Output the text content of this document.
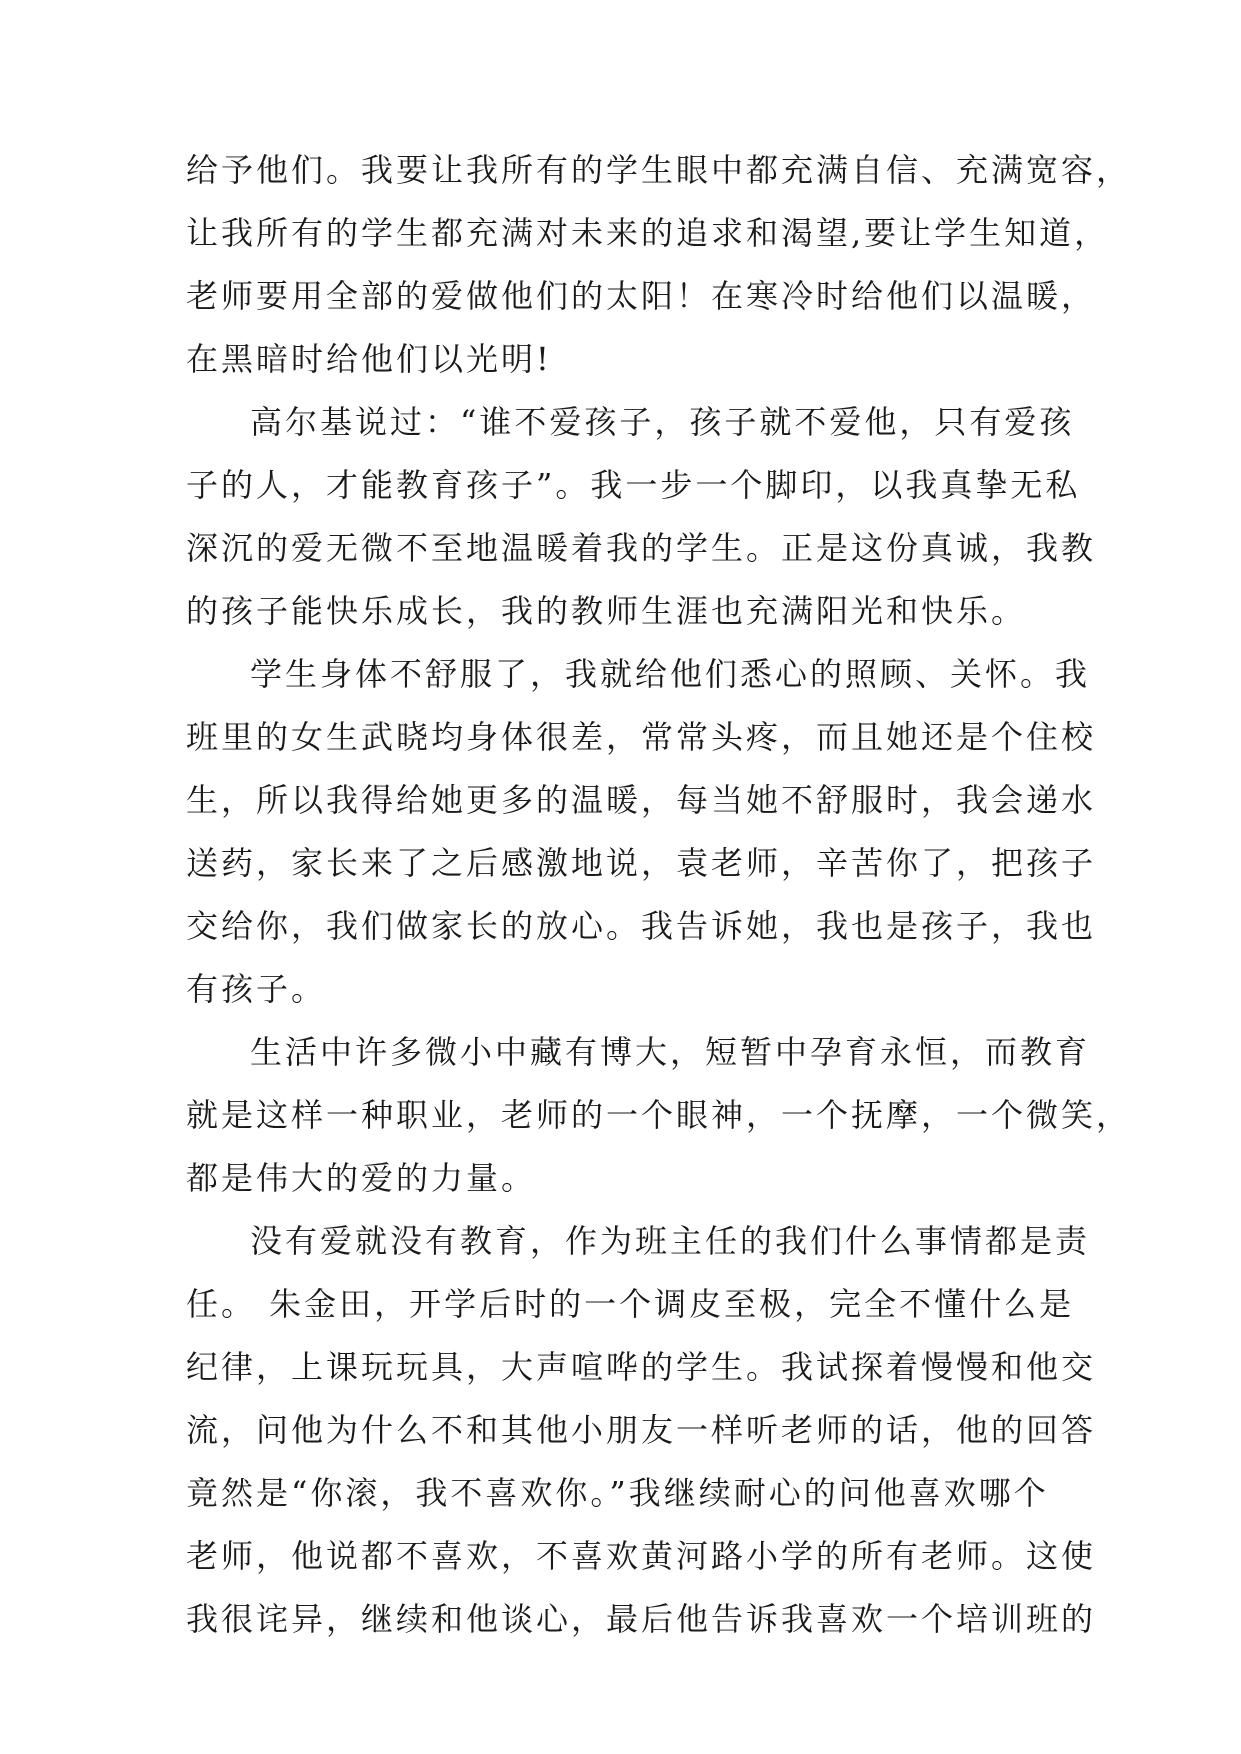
给予他们。我要让我所有的学生眼中都充满自信、充满宽容，
让我所有的学生都充满对未来的追求和渴望,要让学生知道，
老师要用全部的爱做他们的太阳！在寒冷时给他们以温暖，
在黑暗时给他们以光明!
高尔基说过：“谁不爱孩子，孩子就不爱他，只有爱孩
子的人，才能教育孩子”。我一步一个脚印，以我真挚无私
深沉的爱无微不至地温暖着我的学生。正是这份真诚，我教
的孩子能快乐成长，我的教师生涯也充满阳光和快乐。
学生身体不舒服了，我就给他们悉心的照顾、关怀。我
班里的女生武晓均身体很差，常常头疼，而且她还是个住校
生，所以我得给她更多的温暖，每当她不舒服时，我会递水
送药，家长来了之后感激地说，袁老师，辛苦你了，把孩子
交给你，我们做家长的放心。我告诉她，我也是孩子，我也
有孩子。
生活中许多微小中藏有博大，短暂中孕育永恒，而教育
就是这样一种职业，老师的一个眼神，一个抚摩，一个微笑，
都是伟大的爱的力量。
没有爱就没有教育，作为班主任的我们什么事情都是责
任。 朱金田，开学后时的一个调皮至极，完全不懂什么是
纪律，上课玩玩具，大声喧哗的学生。我试探着慢慢和他交
流，问他为什么不和其他小朋友一样听老师的话，他的回答
竟然是“你滚，我不喜欢你。”我继续耐心的问他喜欢哪个
老师，他说都不喜欢，不喜欢黄河路小学的所有老师。这使
我很诧异，继续和他谈心，最后他告诉我喜欢一个培训班的
